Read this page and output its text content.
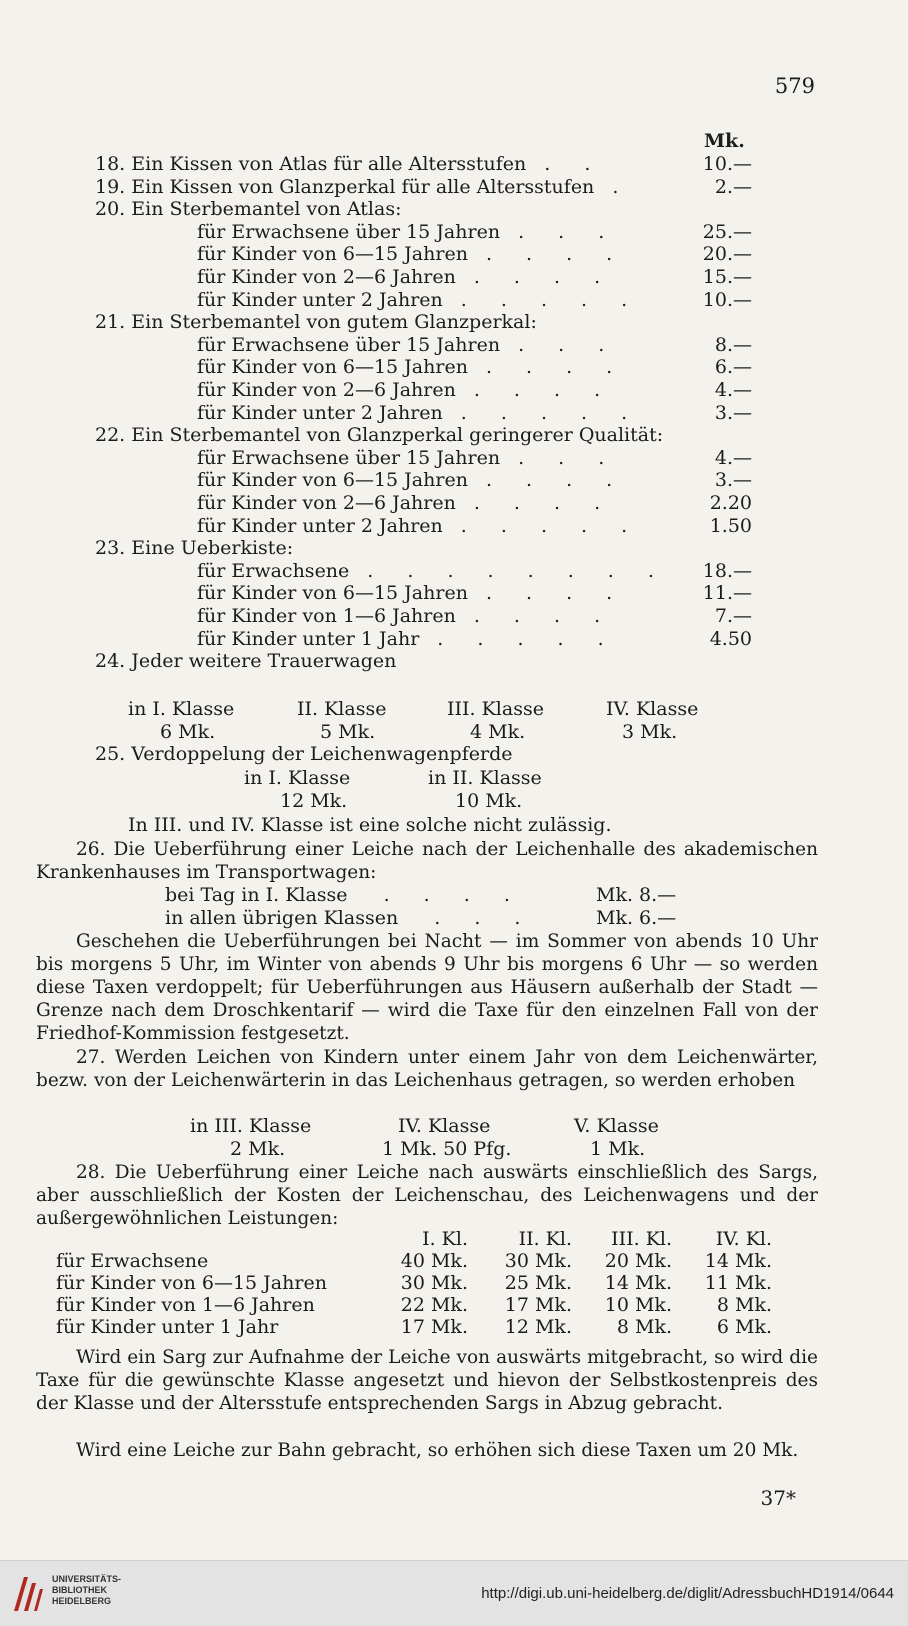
579
Mk.
18. Ein Kissen von Atlas für alle Altersstufen . .	10.—
19. Ein Kissen von Glanzperkal für alle Altersstufen .	2.—
20. Ein Sterbemantel von Atlas:
für Erwachsene über 15 Jahren . . .	25.—
für Kinder von 6—15 Jahren . . . .	20.—
für Kinder von 2—6 Jahren . . . .	15.—
für Kinder unter 2 Jahren . . . . .	10.—
21. Ein Sterbemantel von gutem Glanzperkal:
für Erwachsene über 15 Jahren . . .	8.—
für Kinder von 6—15 Jahren . . . .	6.—
für Kinder von 2—6 Jahren . . . .	4.—
für Kinder unter 2 Jahren . . . . .	3.—
22. Ein Sterbemantel von Glanzperkal geringerer Qualität:
für Erwachsene über 15 Jahren . . .	4.—
für Kinder von 6—15 Jahren . . . .	3.—
für Kinder von 2—6 Jahren . . . .	2.20
für Kinder unter 2 Jahren . . . . .	1.50
23. Eine Ueberkiste:
für Erwachsene . . . . . . . .	18.—
für Kinder von 6—15 Jahren . . . .	11.—
für Kinder von 1—6 Jahren . . . .	7.—
für Kinder unter 1 Jahr . . . . .	4.50
24. Jeder weitere Trauerwagen
in I. Klasse	II. Klasse	III. Klasse	IV. Klasse
6 Mk.	5 Mk.	4 Mk.	3 Mk.
25. Verdoppelung der Leichenwagenpferde
in I. Klasse	in II. Klasse
12 Mk.	10 Mk.
In III. und IV. Klasse ist eine solche nicht zulässig.
26. Die Ueberführung einer Leiche nach der Leichenhalle des akademischen Krankenhauses im Transportwagen:
bei Tag in I. Klasse . . . .	Mk. 8.—
in allen übrigen Klassen . . .	Mk. 6.—
Geschehen die Ueberführungen bei Nacht — im Sommer von abends 10 Uhr bis morgens 5 Uhr, im Winter von abends 9 Uhr bis morgens 6 Uhr — so werden diese Taxen verdoppelt; für Ueberführungen aus Häusern außerhalb der Stadt — Grenze nach dem Droschkentarif — wird die Taxe für den einzelnen Fall von der Friedhof-Kommission festgesetzt.
27. Werden Leichen von Kindern unter einem Jahr von dem Leichenwärter, bezw. von der Leichenwärterin in das Leichenhaus getragen, so werden erhoben
in III. Klasse	IV. Klasse	V. Klasse
2 Mk.	1 Mk. 50 Pfg.	1 Mk.
28. Die Ueberführung einer Leiche nach auswärts einschließlich des Sargs, aber ausschließlich der Kosten der Leichenschau, des Leichenwagens und der außergewöhnlichen Leistungen:
	I. Kl.	II. Kl.	III. Kl.	IV. Kl.
für Erwachsene	40 Mk.	30 Mk.	20 Mk.	14 Mk.
für Kinder von 6—15 Jahren	30 Mk.	25 Mk.	14 Mk.	11 Mk.
für Kinder von 1—6 Jahren	22 Mk.	17 Mk.	10 Mk.	8 Mk.
für Kinder unter 1 Jahr	17 Mk.	12 Mk.	8 Mk.	6 Mk.
Wird ein Sarg zur Aufnahme der Leiche von auswärts mitgebracht, so wird die Taxe für die gewünschte Klasse angesetzt und hievon der Selbstkostenpreis des der Klasse und der Altersstufe entsprechenden Sargs in Abzug gebracht.
Wird eine Leiche zur Bahn gebracht, so erhöhen sich diese Taxen um 20 Mk.
37*
UNIVERSITÄTS-
BIBLIOTHEK
HEIDELBERG	http://digi.ub.uni-heidelberg.de/diglit/AdressbuchHD1914/0644
